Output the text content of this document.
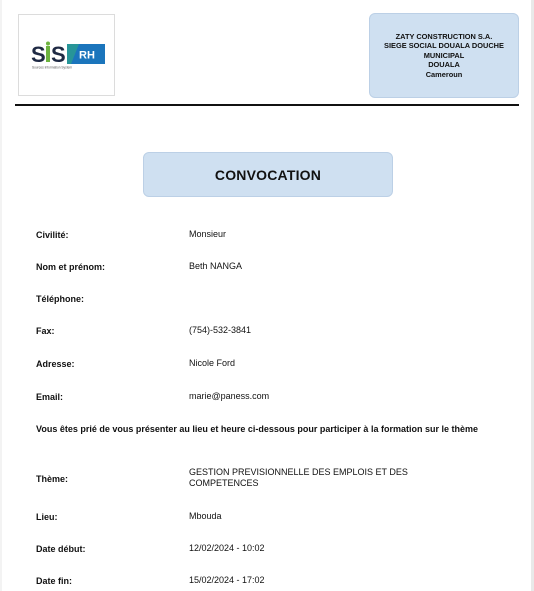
S S RH
Sources Information System
ZATY CONSTRUCTION S.A.
SIEGE SOCIAL DOUALA DOUCHE
MUNICIPAL
DOUALA
Cameroun
CONVOCATION
Civilité:	Monsieur
Nom et prénom:	Beth NANGA
Téléphone:
Fax:	(754)-532-3841
Adresse:	Nicole Ford
Email:	marie@paness.com
Vous êtes prié de vous présenter au lieu et heure ci-dessous pour participer à la formation sur le thème
Thème:
GESTION PREVISIONNELLE DES EMPLOIS ET DES
COMPETENCES
Lieu:	Mbouda
Date début:	12/02/2024 - 10:02
Date fin:	15/02/2024 - 17:02
